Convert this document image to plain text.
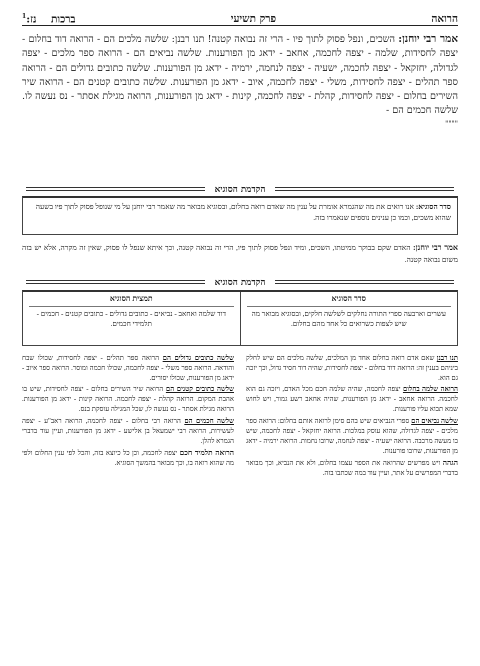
הרואה
פרק תשיעי
ברכות    נז:$^1$
אמר רבי יוחנן: השכים, ונפל פסוק לתוך פיו - הרי זה נבואה קטנה! תנו רבנן: שלשה מלכים הם - הרואה דוד בחלום - יצפה לחסידות, שלמה - יצפה לחכמה, אחאב - ידאג מן הפורענות. שלשה נביאים הם - הרואה ספר מלכים - יצפה לגדולה, יחזקאל - יצפה לחכמה, ישעיה - יצפה לנחמה, ירמיה - ידאג מן הפורענות. שלשה כתובים גדולים הם - הרואה ספר תהלים - יצפה לחסידות, משלי - יצפה לחכמה, איוב - ידאג מן הפורענות. שלשה כתובים קטנים הם - הרואה שיר השירים בחלום - יצפה לחסידות, קהלת - יצפה לחכמה, קינות - ידאג מן הפורענות, הרואה מגילת אסתר - נס נעשה לו. שלשה חכמים הם -
""""
הקדמת הסוגיא
סדר הסוגיא: אנו רואים את מה שהגמרא אומרת על ענין מה שאדם רואה בחלום, ובסוגיא מבואר מה שאמר רבי יוחנן על מי שנופל פסוק לתוך פיו בשעה שהוא משכים, וכמו כן ענינים נוספים שנאמרו בזה.
אמר רבי יוחנן: האדם שקם בבוקר ממיטתו, השכים, ומיד ונפל פסוק לתוך פיו, הרי זה נבואה קטנה, וכך איתא שנפל לו פסוק, שאין זה מקרה, אלא יש בזה משום נבואה קטנה.
הקדמת הסוגיא
סדר הסוגיא
עשרים וארבעה ספרי התורה נחלקים לשלשה חלקים, ובסוגיא מבואר מה שיש לצפות כשרואים כל אחד מהם בחלום.
תמצית הסוגיא
דוד שלמה ואחאב - נביאים - כתובים גדולים - כתובים קטנים - חכמים - תלמידי חכמים.

תנו רבנן שאם אדם רואה בחלום אחד מן המלכים, שלשה מלכים הם שיש לחלק ביניהם בענין זה: הרואה דוד בחלום - יצפה לחסידות, שהיה דוד חסיד גדול, וכך יזכה גם הוא.

הרואה שלמה בחלום יצפה לחכמה, שהיה שלמה חכם מכל האדם, ויזכה גם הוא לחכמה. הרואה אחאב - ידאג מן הפורענות, שהיה אחאב רשע גמור, ויש לחוש שמא תבוא עליו פורענות.

שלשה נביאים הם ספרי הנביאים שיש בהם סימן לרואה אותם בחלום: הרואה ספר מלכים - יצפה לגדולה, שהוא עוסק במלכות. הרואה יחזקאל - יצפה לחכמה, שיש בו מעשה מרכבה. הרואה ישעיה - יצפה לנחמה, שרובו נחמות. הרואה ירמיה - ידאג מן הפורענות, שרובו פורענות.

הגהה ויש מפרשים שהרואה את הספר עצמו בחלום, ולא את הנביא, וכך מבואר בדברי המפרשים על אתר, ועיין עוד במה שכתבו בזה.

שלשה כתובים גדולים הם הרואה ספר תהלים - יצפה לחסידות, שכולו שבח והודאה. הרואה ספר משלי - יצפה לחכמה, שכולו חכמה ומוסר. הרואה ספר איוב - ידאג מן הפורענות, שכולו יסורים.

שלשה כתובים קטנים הם הרואה שיר השירים בחלום - יצפה לחסידות, שיש בו אהבת המקום. הרואה קהלת - יצפה לחכמה. הרואה קינות - ידאג מן הפורענות. הרואה מגילת אסתר - נס נעשה לו, שכל המגילה עוסקת בנס.

שלשה חכמים הם הרואה רבי בחלום - יצפה לחכמה, הרואה ראב"ע - יצפה לעשירות, הרואה רבי ישמעאל בן אלישע - ידאג מן הפורענות, ועיין עוד בדברי הגמרא להלן.

הרואה תלמיד חכם יצפה לחכמה, וכן כל כיוצא בזה, והכל לפי ענין החלום ולפי מה שהוא רואה בו, וכך מבואר בהמשך הסוגיא.
